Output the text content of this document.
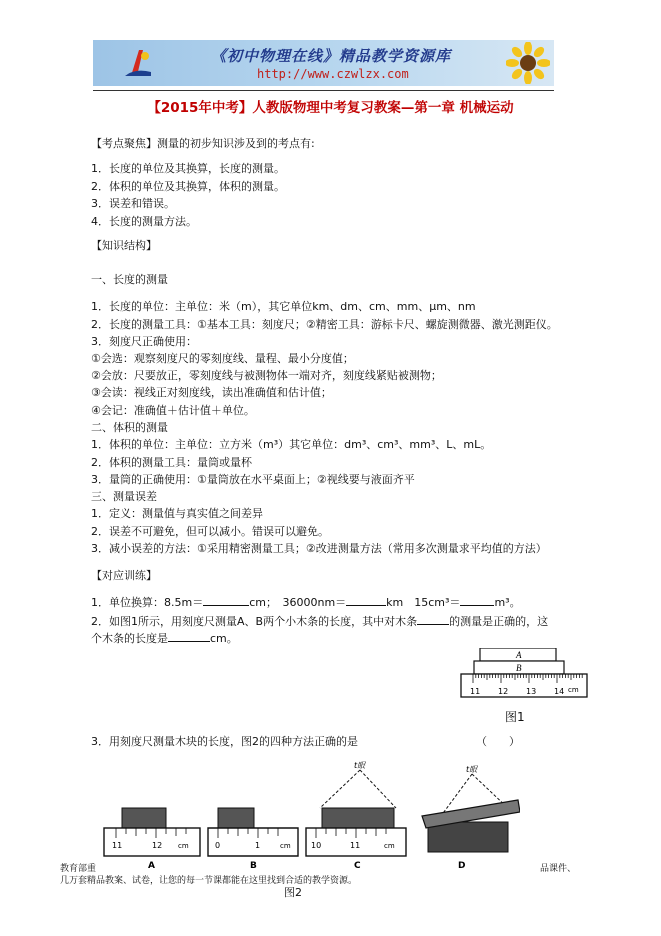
《初中物理在线》精品教学资源库
http://www.czwlzx.com
【2015年中考】人教版物理中考复习教案—第一章 机械运动
【考点聚焦】测量的初步知识涉及到的考点有:
1．长度的单位及其换算，长度的测量。
2．体积的单位及其换算，体积的测量。
3．误差和错误。
4．长度的测量方法。
【知识结构】
一、长度的测量
1．长度的单位：主单位：米（m），其它单位km、dm、cm、mm、μm、nm
2．长度的测量工具：①基本工具：刻度尺；②精密工具：游标卡尺、螺旋测微器、激光测距仪。
3．刻度尺正确使用：
①会选：观察刻度尺的零刻度线、量程、最小分度值；
②会放：尺要放正，零刻度线与被测物体一端对齐，刻度线紧贴被测物；
③会读：视线正对刻度线，读出准确值和估计值；
④会记：准确值＋估计值＋单位。
二、体积的测量
1．体积的单位：主单位：立方米（m³）其它单位：dm³、cm³、mm³、L、mL。
2．体积的测量工具：量筒或量杯
3．量筒的正确使用：①量筒放在水平桌面上；②视线要与液面齐平
三、测量误差
1．定义：测量值与真实值之间差异
2．误差不可避免，但可以减小。错误可以避免。
3．减小误差的方法：①采用精密测量工具；②改进测量方法（常用多次测量求平均值的方法）
【对应训练】
1．单位换算：8.5m＝	cm；　36000nm＝	km　15cm³＝	m³。
2．如图1所示，用刻度尺测量A、B两个小木条的长度，其中对木条	的测量是正确的，这
个木条的长度是	cm。
A
B
11 12 13 14 cm
图1
3．用刻度尺测量木块的长度，图2的四种方法正确的是	（　　）
11	12 cm
A
0	1	cm
B
t眼
10	11	cm
C
t眼
D
教育部重	品课件、
几万套精品教案、试卷，让您的每一节课都能在这里找到合适的教学资源。
图2
